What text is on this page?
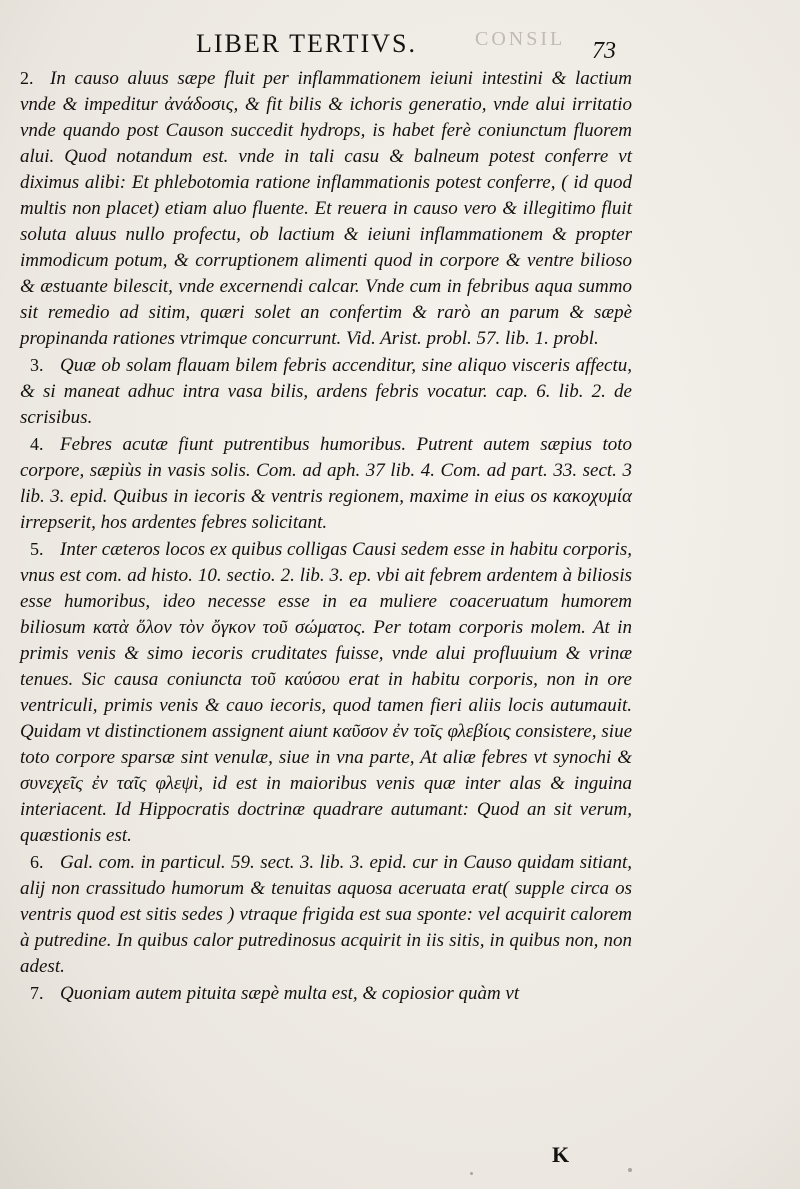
CONSIL
LIBER TERTIVS.	73

2. In causo aluus sæpe fluit per inflammationem ieiuni intestini & lactium vnde & impeditur ἀνάδοσις, & fit bilis & ichoris generatio, vnde alui irritatio vnde quando post Causon succedit hydrops, is habet ferè coniunctum fluorem alui. Quod notandum est. vnde in tali casu & balneum potest conferre vt diximus alibi: Et phlebotomia ratione inflammationis potest conferre, ( id quod multis non placet) etiam aluo fluente. Et reuera in causo vero & illegitimo fluit soluta aluus nullo profectu, ob lactium & ieiuni inflammationem & propter immodicum potum, & corruptionem alimenti quod in corpore & ventre bilioso & æstuante bilescit, vnde excernendi calcar. Vnde cum in febribus aqua summo sit remedio ad sitim, quæri solet an confertim & rarò an parum & sæpè propinanda rationes vtrimque concurrunt. Vid. Arist. probl. 57. lib. 1. probl.

3. Quæ ob solam flauam bilem febris accenditur, sine aliquo visceris affectu, & si maneat adhuc intra vasa bilis, ardens febris vocatur. cap. 6. lib. 2. de scrisibus.

4. Febres acutæ fiunt putrentibus humoribus. Putrent autem sæpius toto corpore, sæpiùs in vasis solis. Com. ad aph. 37 lib. 4. Com. ad part. 33. sect. 3 lib. 3. epid. Quibus in iecoris & ventris regionem, maxime in eius os κακοχυμία irrepserit, hos ardentes febres solicitant.

5. Inter cæteros locos ex quibus colligas Causi sedem esse in habitu corporis, vnus est com. ad histo. 10. sectio. 2. lib. 3. ep. vbi ait febrem ardentem à biliosis esse humoribus, ideo necesse esse in ea muliere coaceruatum humorem biliosum κατὰ ὅλον τὸν ὄγκον τοῦ σώματος. Per totam corporis molem. At in primis venis & simo iecoris cruditates fuisse, vnde alui profluuium & vrinæ tenues. Sic causa coniuncta τοῦ καύσου erat in habitu corporis, non in ore ventriculi, primis venis & cauo iecoris, quod tamen fieri aliis locis autumauit. Quidam vt distinctionem assignent aiunt καῦσον ἐν τοῖς φλεβίοις consistere, siue toto corpore sparsæ sint venulæ, siue in vna parte, At aliæ febres vt synochi & συνεχεῖς ἐν ταῖς φλεψὶ, id est in maioribus venis quæ inter alas & inguina interiacent. Id Hippocratis doctrinæ quadrare autumant: Quod an sit verum, quæstionis est.

6. Gal. com. in particul. 59. sect. 3. lib. 3. epid. cur in Causo quidam sitiant, alij non crassitudo humorum & tenuitas aquosa aceruata erat( supple circa os ventris quod est sitis sedes ) vtraque frigida est sua sponte: vel acquirit calorem à putredine. In quibus calor putredinosus acquirit in iis sitis, in quibus non, non adest.

7. Quoniam autem pituita sæpè multa est, & copiosior quàm vt

K
